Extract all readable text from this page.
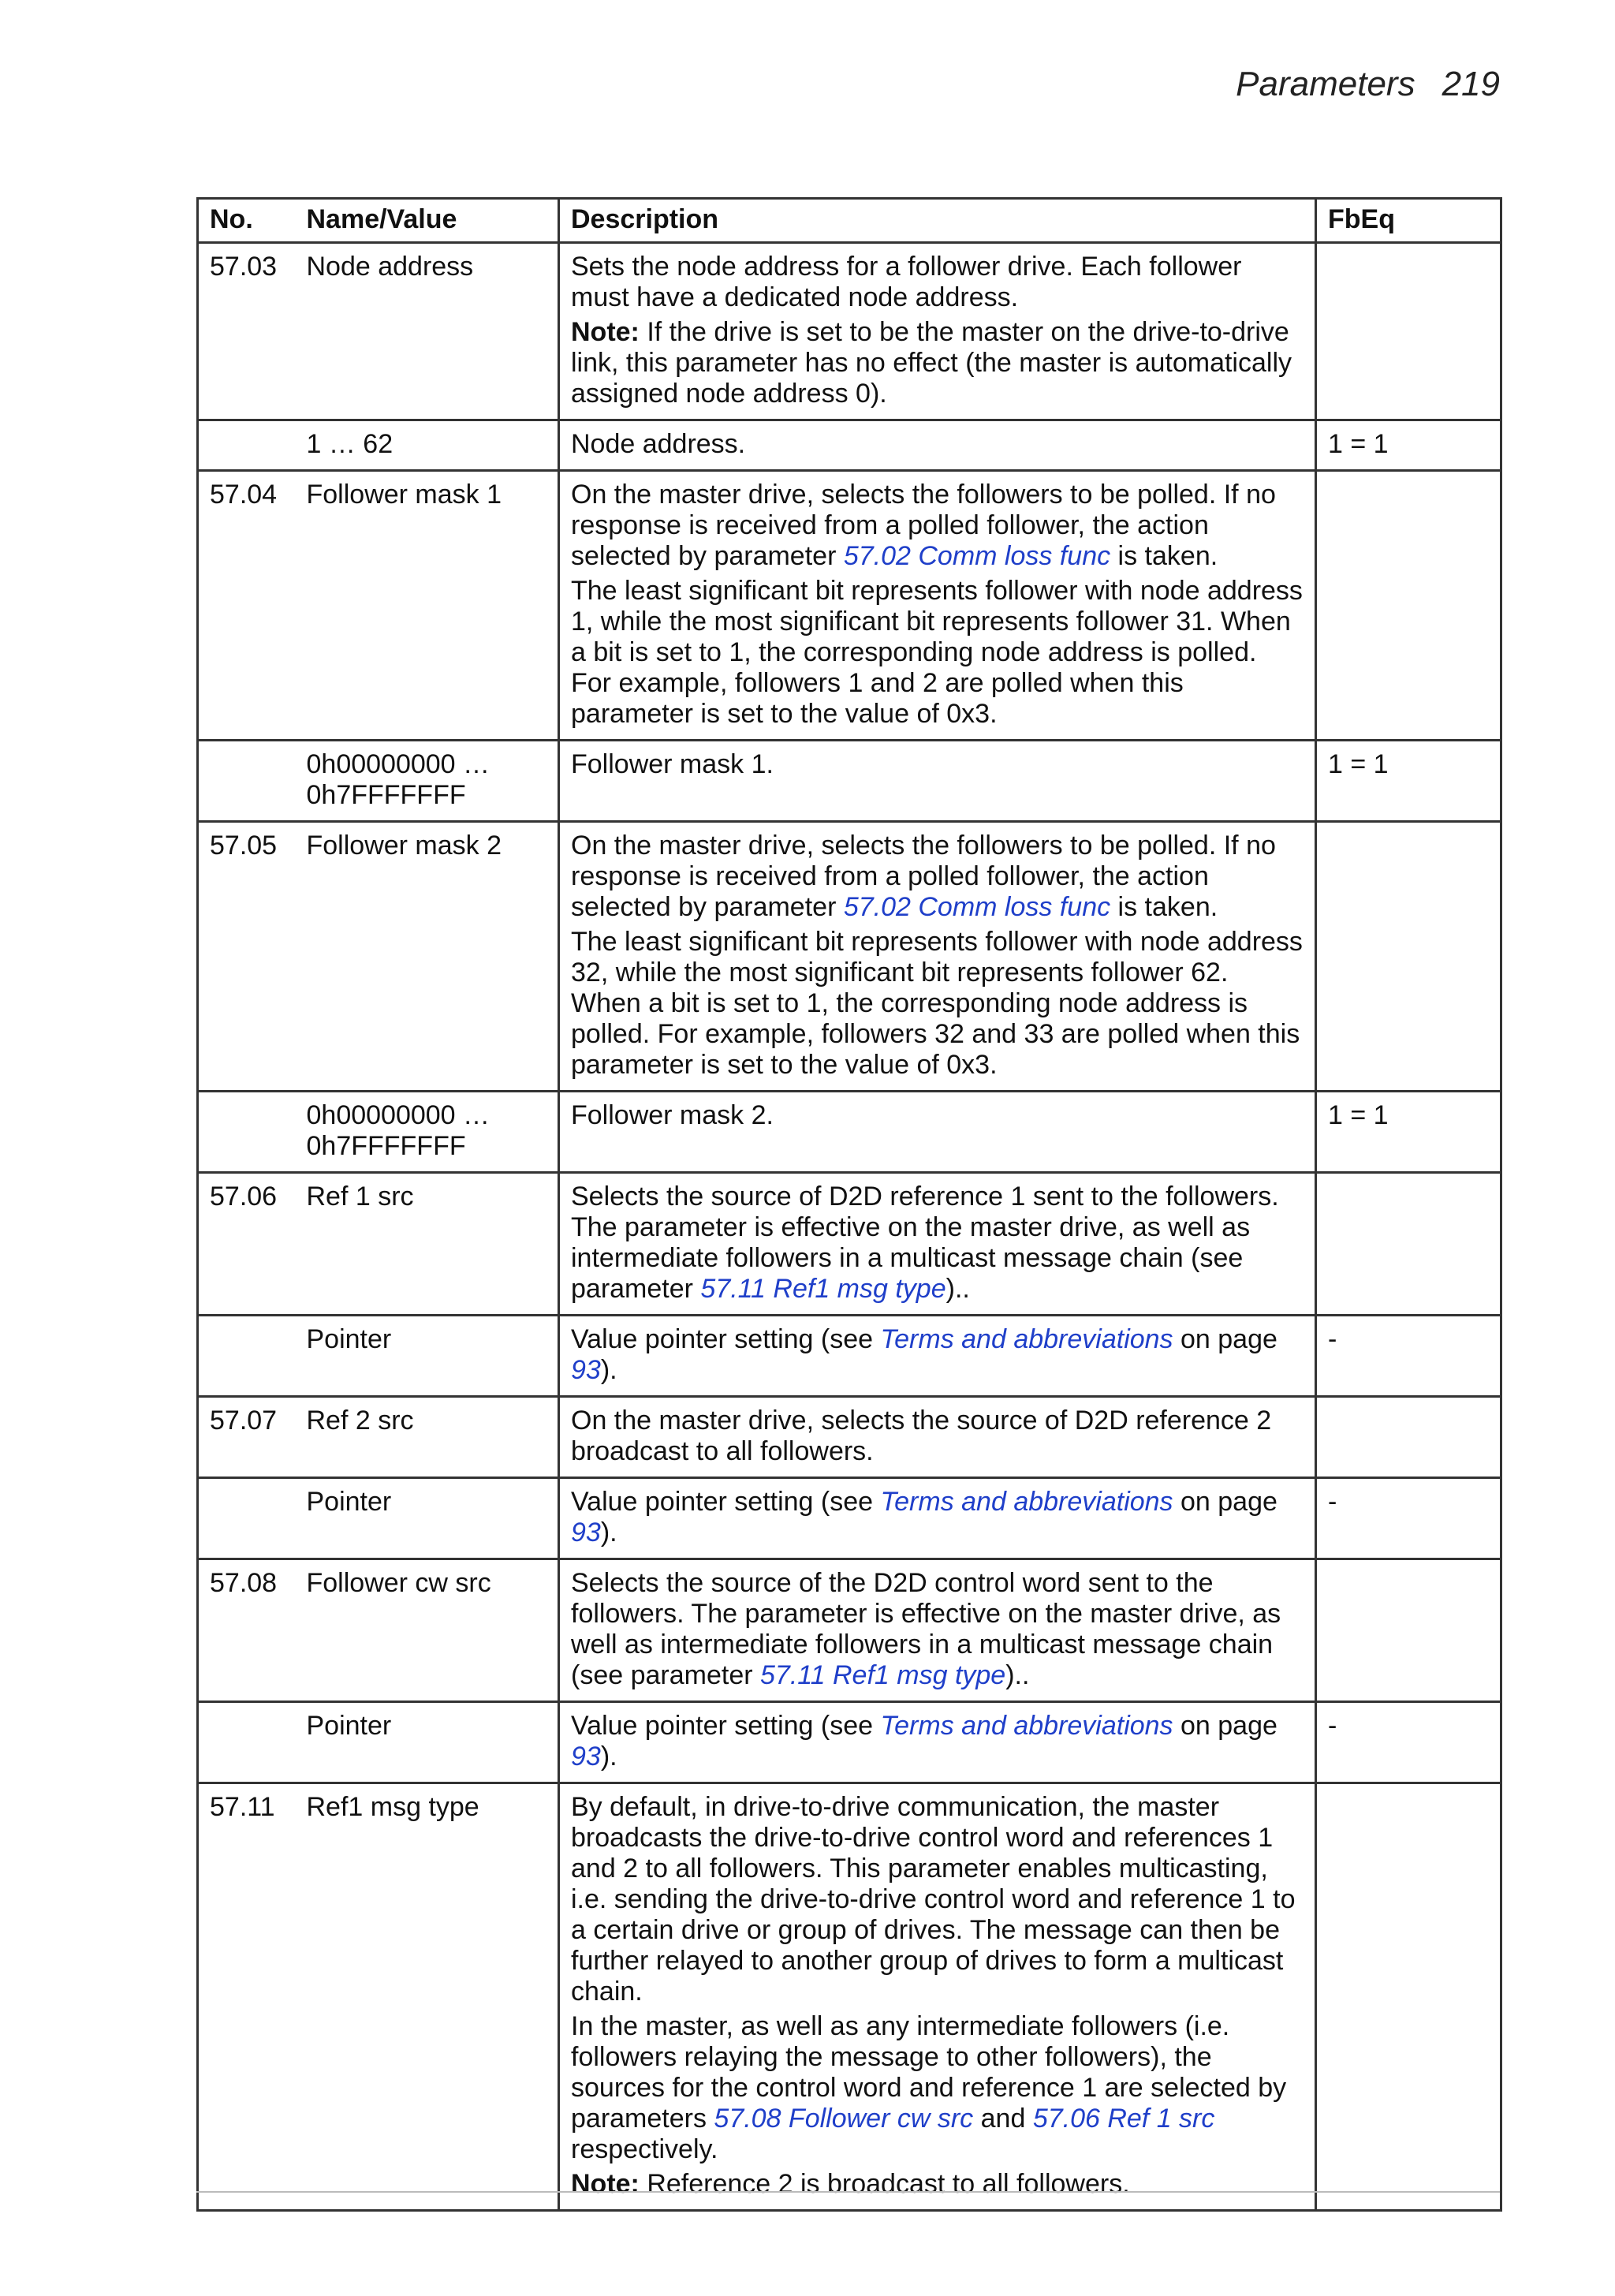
Parameters 219
No.	Name/Value	Description	FbEq
57.03	Node address	Sets the node address for a follower drive. Each follower must have a dedicated node address.

Note: If the drive is set to be the master on the drive-to-drive link, this parameter has no effect (the master is automatically assigned node address 0).	

	1 … 62	Node address.	1 = 1
57.04	Follower mask 1	On the master drive, selects the followers to be polled. If no response is received from a polled follower, the action selected by parameter 57.02 Comm loss func is taken.

The least significant bit represents follower with node address 1, while the most significant bit represents follower 31. When a bit is set to 1, the corresponding node address is polled. For example, followers 1 and 2 are polled when this parameter is set to the value of 0x3.	

	0h00000000 … 0h7FFFFFFF	Follower mask 1.	1 = 1
57.05	Follower mask 2	On the master drive, selects the followers to be polled. If no response is received from a polled follower, the action selected by parameter 57.02 Comm loss func is taken.

The least significant bit represents follower with node address 32, while the most significant bit represents follower 62. When a bit is set to 1, the corresponding node address is polled. For example, followers 32 and 33 are polled when this parameter is set to the value of 0x3.	

	0h00000000 … 0h7FFFFFFF	Follower mask 2.	1 = 1
57.06	Ref 1 src	Selects the source of D2D reference 1 sent to the followers. The parameter is effective on the master drive, as well as intermediate followers in a multicast message chain (see parameter 57.11 Ref1 msg type)..	

	Pointer	Value pointer setting (see Terms and abbreviations on page 93).	-
57.07	Ref 2 src	On the master drive, selects the source of D2D reference 2 broadcast to all followers.	

	Pointer	Value pointer setting (see Terms and abbreviations on page 93).	-
57.08	Follower cw src	Selects the source of the D2D control word sent to the followers. The parameter is effective on the master drive, as well as intermediate followers in a multicast message chain (see parameter 57.11 Ref1 msg type)..	

	Pointer	Value pointer setting (see Terms and abbreviations on page 93).	-
57.11	Ref1 msg type	By default, in drive-to-drive communication, the master broadcasts the drive-to-drive control word and references 1 and 2 to all followers. This parameter enables multicasting, i.e. sending the drive-to-drive control word and reference 1 to a certain drive or group of drives. The message can then be further relayed to another group of drives to form a multicast chain.

In the master, as well as any intermediate followers (i.e. followers relaying the message to other followers), the sources for the control word and reference 1 are selected by parameters 57.08 Follower cw src and 57.06 Ref 1 src respectively.

Note: Reference 2 is broadcast to all followers.	
